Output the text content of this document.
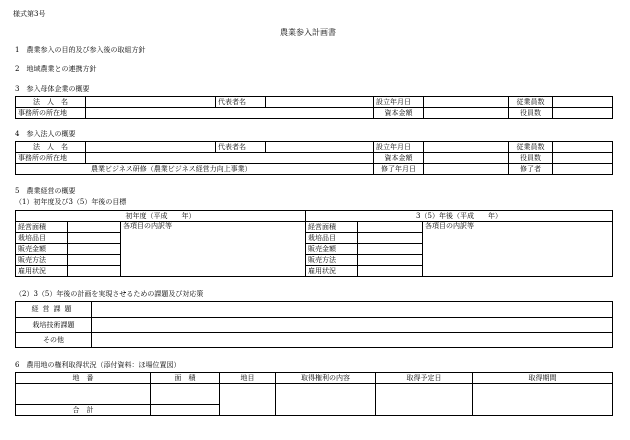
様式第3号
農業参入計画書
1　農業参入の目的及び参入後の取組方針
2　地域農業との連携方針
3　参入母体企業の概要
法　人　名		代表者名		設立年月日		従業員数	
事務所の所在地				資本金額		役員数	
4　参入法人の概要
法　人　名		代表者名		設立年月日		従業員数	
事務所の所在地				資本金額		役員数	
農業ビジネス研修（農業ビジネス経営力向上事業）				修了年月日		修了者	
5　農業経営の概要
（1）初年度及び3（5）年後の目標
初年度（平成　　年）			3（5）年後（平成　　年）		
経営面積		各項目の内訳等	経営面積		各項目の内訳等
栽培品目			栽培品目		
販売金額			販売金額		
販売方法			販売方法		
雇用状況			雇用状況		
（2）3（5）年後の計画を実現させるための課題及び対応策
経営課題	
栽培技術課題	
その他	
6　農用地の権利取得状況（添付資料：ほ場位置図）
地　番	面　積	地目	取得権利の内容	取得予定日	取得期間

合　計					
